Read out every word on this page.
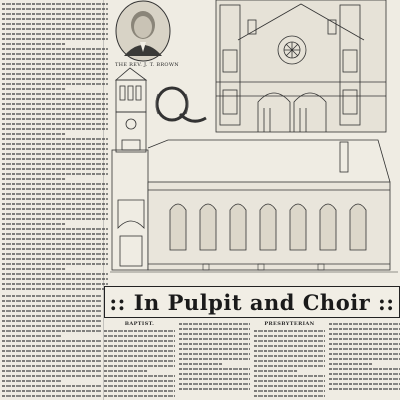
THE REV. J. T. BROWN
:: In Pulpit and Choir ::
BAPTIST.	PRESBYTERIAN
